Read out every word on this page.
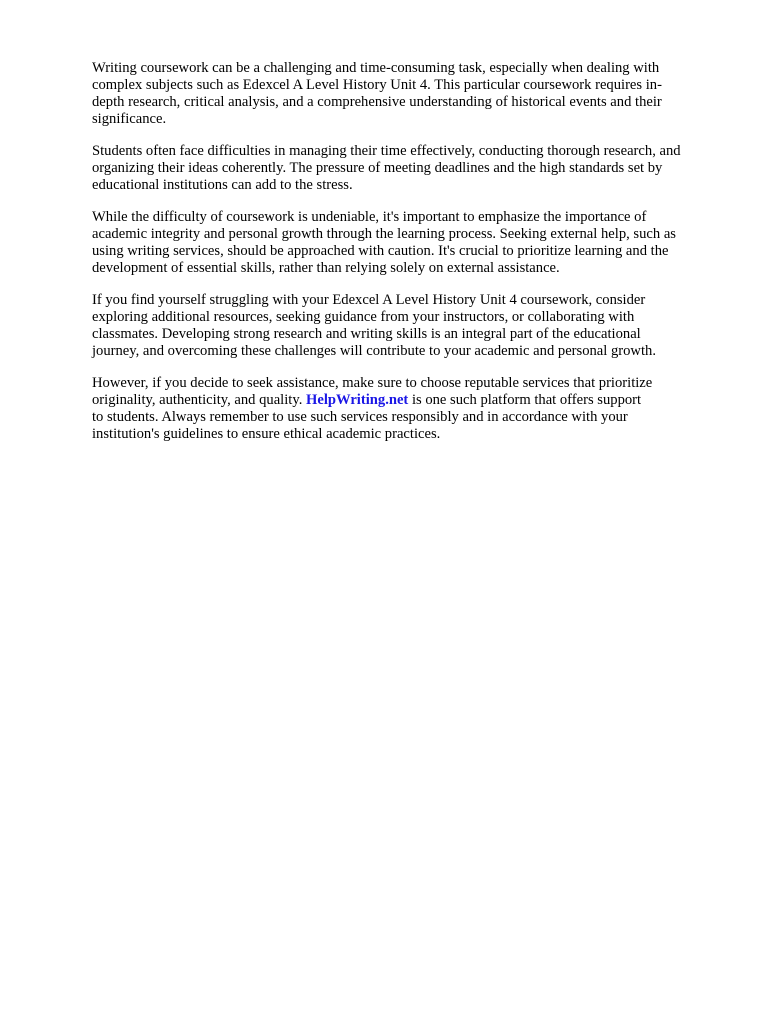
Writing coursework can be a challenging and time-consuming task, especially when dealing with
complex subjects such as Edexcel A Level History Unit 4. This particular coursework requires in-
depth research, critical analysis, and a comprehensive understanding of historical events and their
significance.

Students often face difficulties in managing their time effectively, conducting thorough research, and
organizing their ideas coherently. The pressure of meeting deadlines and the high standards set by
educational institutions can add to the stress.

While the difficulty of coursework is undeniable, it's important to emphasize the importance of
academic integrity and personal growth through the learning process. Seeking external help, such as
using writing services, should be approached with caution. It's crucial to prioritize learning and the
development of essential skills, rather than relying solely on external assistance.

If you find yourself struggling with your Edexcel A Level History Unit 4 coursework, consider
exploring additional resources, seeking guidance from your instructors, or collaborating with
classmates. Developing strong research and writing skills is an integral part of the educational
journey, and overcoming these challenges will contribute to your academic and personal growth.

However, if you decide to seek assistance, make sure to choose reputable services that prioritize
originality, authenticity, and quality. HelpWriting.net is one such platform that offers support
to students. Always remember to use such services responsibly and in accordance with your
institution's guidelines to ensure ethical academic practices.
